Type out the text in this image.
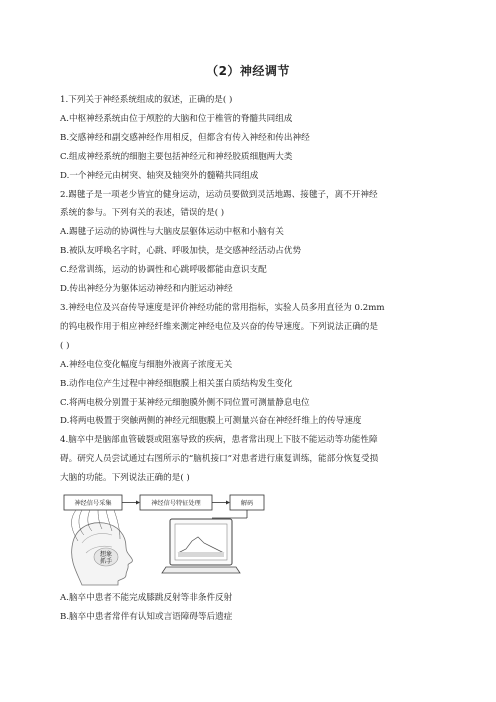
（2）神经调节

1.下列关于神经系统组成的叙述，正确的是( )

A.中枢神经系统由位于颅腔的大脑和位于椎管的脊髓共同组成

B.交感神经和副交感神经作用相反，但都含有传入神经和传出神经

C.组成神经系统的细胞主要包括神经元和神经胶质细胞两大类

D.一个神经元由树突、轴突及轴突外的髓鞘共同组成

2.踢毽子是一项老少皆宜的健身运动，运动员要做到灵活地踢、接毽子，离不开神经

系统的参与。下列有关的表述，错误的是( )

A.踢毽子运动的协调性与大脑皮层躯体运动中枢和小脑有关

B.被队友呼唤名字时，心跳、呼吸加快，是交感神经活动占优势

C.经常训练，运动的协调性和心跳呼吸都能由意识支配

D.传出神经分为躯体运动神经和内脏运动神经

3.神经电位及兴奋传导速度是评价神经功能的常用指标，实验人员多用直径为 0.2mm

的钨电极作用于相应神经纤维来测定神经电位及兴奋的传导速度。下列说法正确的是

( )

A.神经电位变化幅度与细胞外液离子浓度无关

B.动作电位产生过程中神经细胞膜上相关蛋白质结构发生变化

C.将两电极分别置于某神经元细胞膜外侧不同位置可测量静息电位

D.将两电极置于突触两侧的神经元细胞膜上可测量兴奋在神经纤维上的传导速度

4.脑卒中是脑部血管破裂或阻塞导致的疾病，患者常出现上下肢不能运动等功能性障

碍。研究人员尝试通过右图所示的“脑机接口”对患者进行康复训练，能部分恢复受损

大脑的功能。下列说法正确的是( )

神经信号采集	神经信号特征处理	解码
想象
抓手

A.脑卒中患者不能完成膝跳反射等非条件反射

B.脑卒中患者常伴有认知或言语障碍等后遗症
